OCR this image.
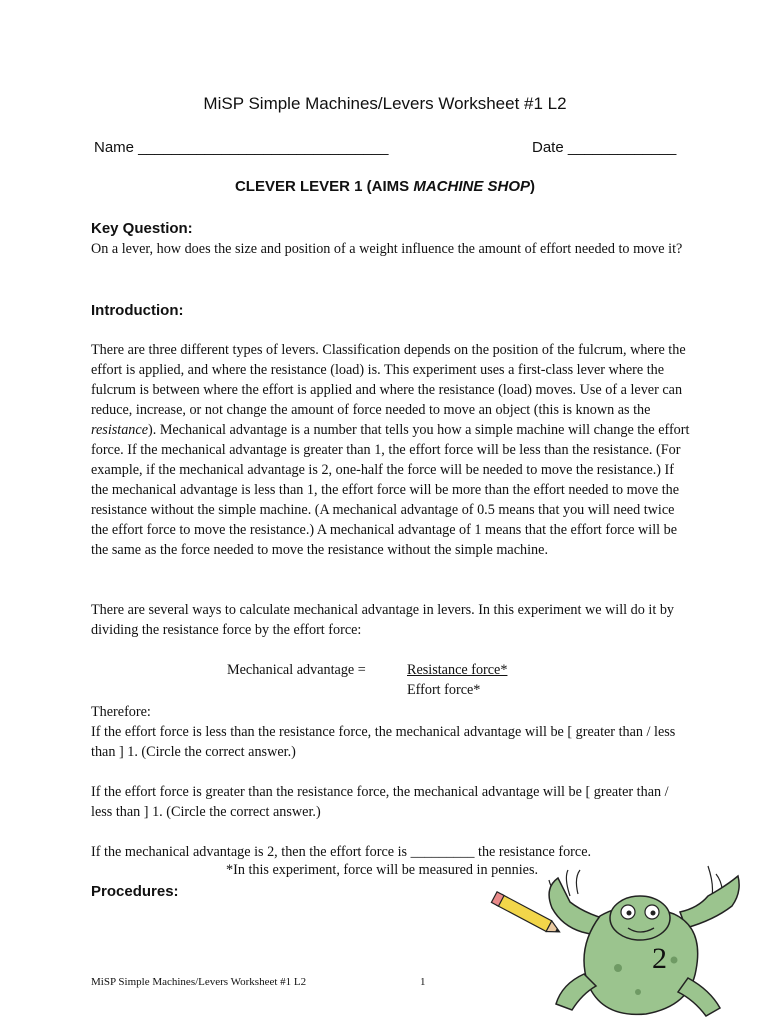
MiSP Simple Machines/Levers Worksheet #1 L2
Name ______________________________	Date _____________
CLEVER LEVER 1 (AIMS MACHINE SHOP)
Key Question:
On a lever, how does the size and position of a weight influence the amount of effort needed to move it?
Introduction:
There are three different types of levers. Classification depends on the position of the fulcrum, where the effort is applied, and where the resistance (load) is. This experiment uses a first-class lever where the fulcrum is between where the effort is applied and where the resistance (load) moves. Use of a lever can reduce, increase, or not change the amount of force needed to move an object (this is known as the resistance). Mechanical advantage is a number that tells you how a simple machine will change the effort force. If the mechanical advantage is greater than 1, the effort force will be less than the resistance. (For example, if the mechanical advantage is 2, one-half the force will be needed to move the resistance.) If the mechanical advantage is less than 1, the effort force will be more than the effort needed to move the resistance without the simple machine. (A mechanical advantage of 0.5 means that you will need twice the effort force to move the resistance.) A mechanical advantage of 1 means that the effort force will be the same as the force needed to move the resistance without the simple machine.
There are several ways to calculate mechanical advantage in levers. In this experiment we will do it by dividing the resistance force by the effort force:
Mechanical advantage =	Resistance force*
Effort force*
Therefore:
If the effort force is less than the resistance force, the mechanical advantage will be [ greater than / less than ] 1. (Circle the correct answer.)
If the effort force is greater than the resistance force, the mechanical advantage will be [ greater than / less than ] 1. (Circle the correct answer.)
If the mechanical advantage is 2, then the effort force is _________ the resistance force.
*In this experiment, force will be measured in pennies.
Procedures:
2
MiSP Simple Machines/Levers Worksheet #1 L2	1
